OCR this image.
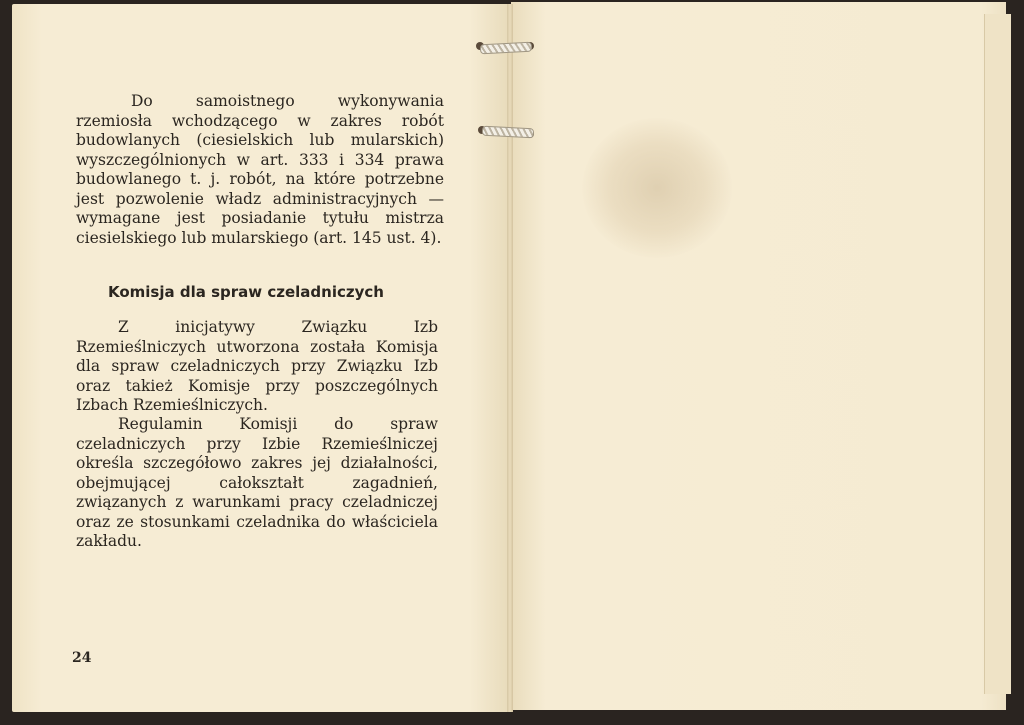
Do samoistnego wykonywania rzemiosła wchodzącego w zakres robót budowlanych (ciesielskich lub mularskich) wyszczególnionych w art. 333 i 334 prawa budowlanego t. j. robót, na które potrzebne jest pozwolenie władz administracyjnych — wymagane jest posiadanie tytułu mistrza ciesielskiego lub mularskiego (art. 145 ust. 4).

Komisja dla spraw czeladniczych

Z inicjatywy Związku Izb Rzemieślniczych utworzona została Komisja dla spraw czeladniczych przy Związku Izb oraz takież Komisje przy poszczególnych Izbach Rzemieślniczych.

Regulamin Komisji do spraw czeladniczych przy Izbie Rzemieślniczej określa szczegółowo zakres jej działalności, obejmującej całokształt zagadnień, związanych z warunkami pracy czeladniczej oraz ze stosunkami czeladnika do właściciela zakładu.

24
